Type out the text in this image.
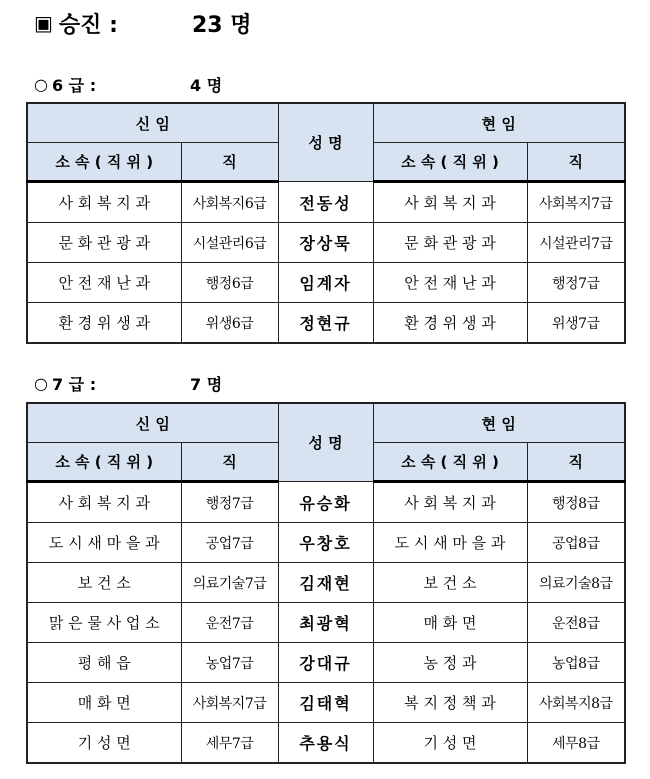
▣ 승진 :	23 명
○ 6 급 :	4 명
신 임		성 명	현 임	
소 속 ( 직 위 )	직		소 속 ( 직 위 )	직
사 회 복 지 과	사회복지6급	전동성	사 회 복 지 과	사회복지7급
문 화 관 광 과	시설관리6급	장상묵	문 화 관 광 과	시설관리7급
안 전 재 난 과	행정6급	임계자	안 전 재 난 과	행정7급
환 경 위 생 과	위생6급	정현규	환 경 위 생 과	위생7급
○ 7 급 :	7 명
신 임		성 명	현 임	
소 속 ( 직 위 )	직		소 속 ( 직 위 )	직
사 회 복 지 과	행정7급	유승화	사 회 복 지 과	행정8급
도 시 새 마 을 과	공업7급	우창호	도 시 새 마 을 과	공업8급
보 건 소	의료기술7급	김재현	보 건 소	의료기술8급
맑 은 물 사 업 소	운전7급	최광혁	매 화 면	운전8급
평 해 읍	농업7급	강대규	농 정 과	농업8급
매 화 면	사회복지7급	김태혁	복 지 정 책 과	사회복지8급
기 성 면	세무7급	추용식	기 성 면	세무8급
